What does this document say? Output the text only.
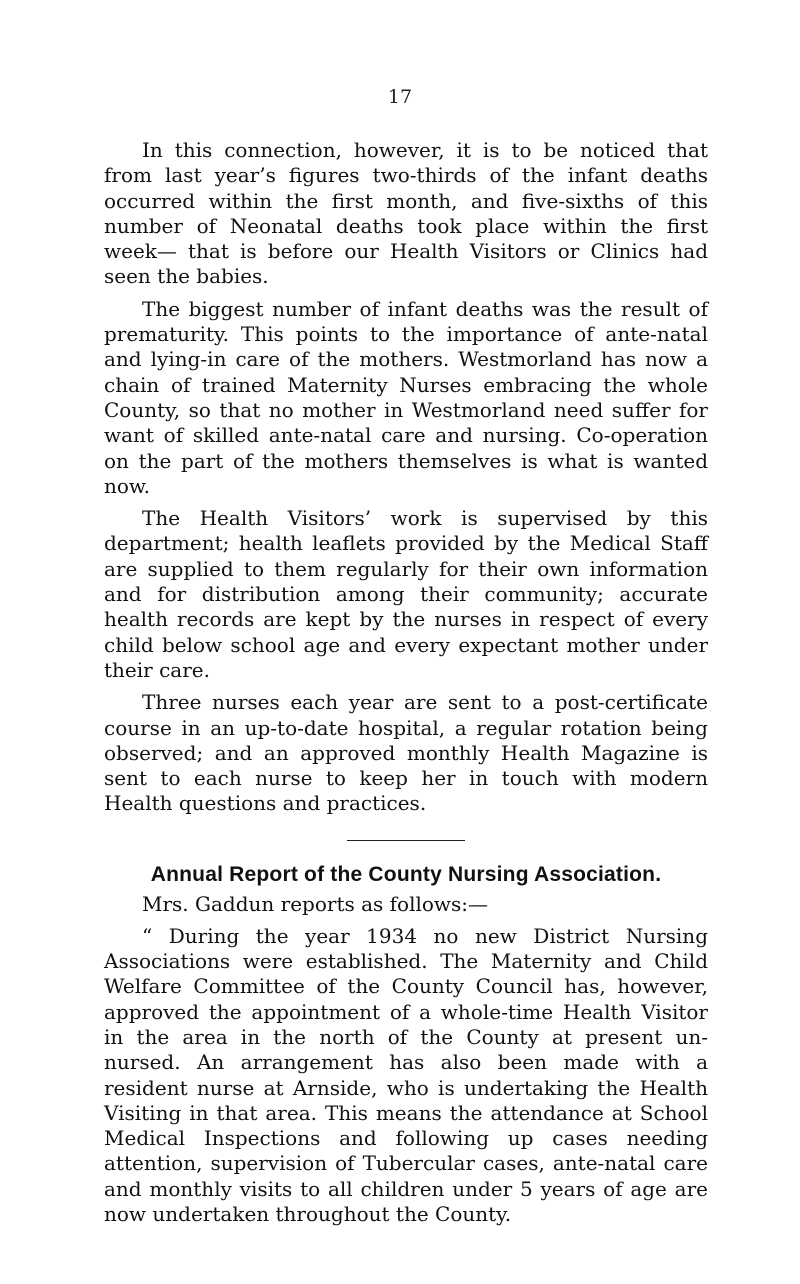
17

In this connection, however, it is to be noticed that from last year’s figures two-thirds of the infant deaths occurred within the first month, and five-sixths of this number of Neonatal deaths took place within the first week— that is before our Health Visitors or Clinics had seen the babies.

The biggest number of infant deaths was the result of prematurity. This points to the importance of ante-natal and lying-in care of the mothers. Westmorland has now a chain of trained Maternity Nurses embracing the whole County, so that no mother in Westmorland need suffer for want of skilled ante-natal care and nursing. Co-operation on the part of the mothers themselves is what is wanted now.

The Health Visitors’ work is supervised by this department; health leaflets provided by the Medical Staff are supplied to them regularly for their own information and for distribution among their community; accurate health records are kept by the nurses in respect of every child below school age and every expectant mother under their care.

Three nurses each year are sent to a post-certificate course in an up-to-date hospital, a regular rotation being observed; and an approved monthly Health Magazine is sent to each nurse to keep her in touch with modern Health questions and practices.

Annual Report of the County Nursing Association.

Mrs. Gaddun reports as follows:—

“ During the year 1934 no new District Nursing Associations were established. The Maternity and Child Welfare Committee of the County Council has, however, approved the appointment of a whole-time Health Visitor in the area in the north of the County at present un-nursed. An arrangement has also been made with a resident nurse at Arnside, who is undertaking the Health Visiting in that area. This means the attendance at School Medical Inspections and following up cases needing attention, supervision of Tubercular cases, ante-natal care and monthly visits to all children under 5 years of age are now undertaken throughout the County.
